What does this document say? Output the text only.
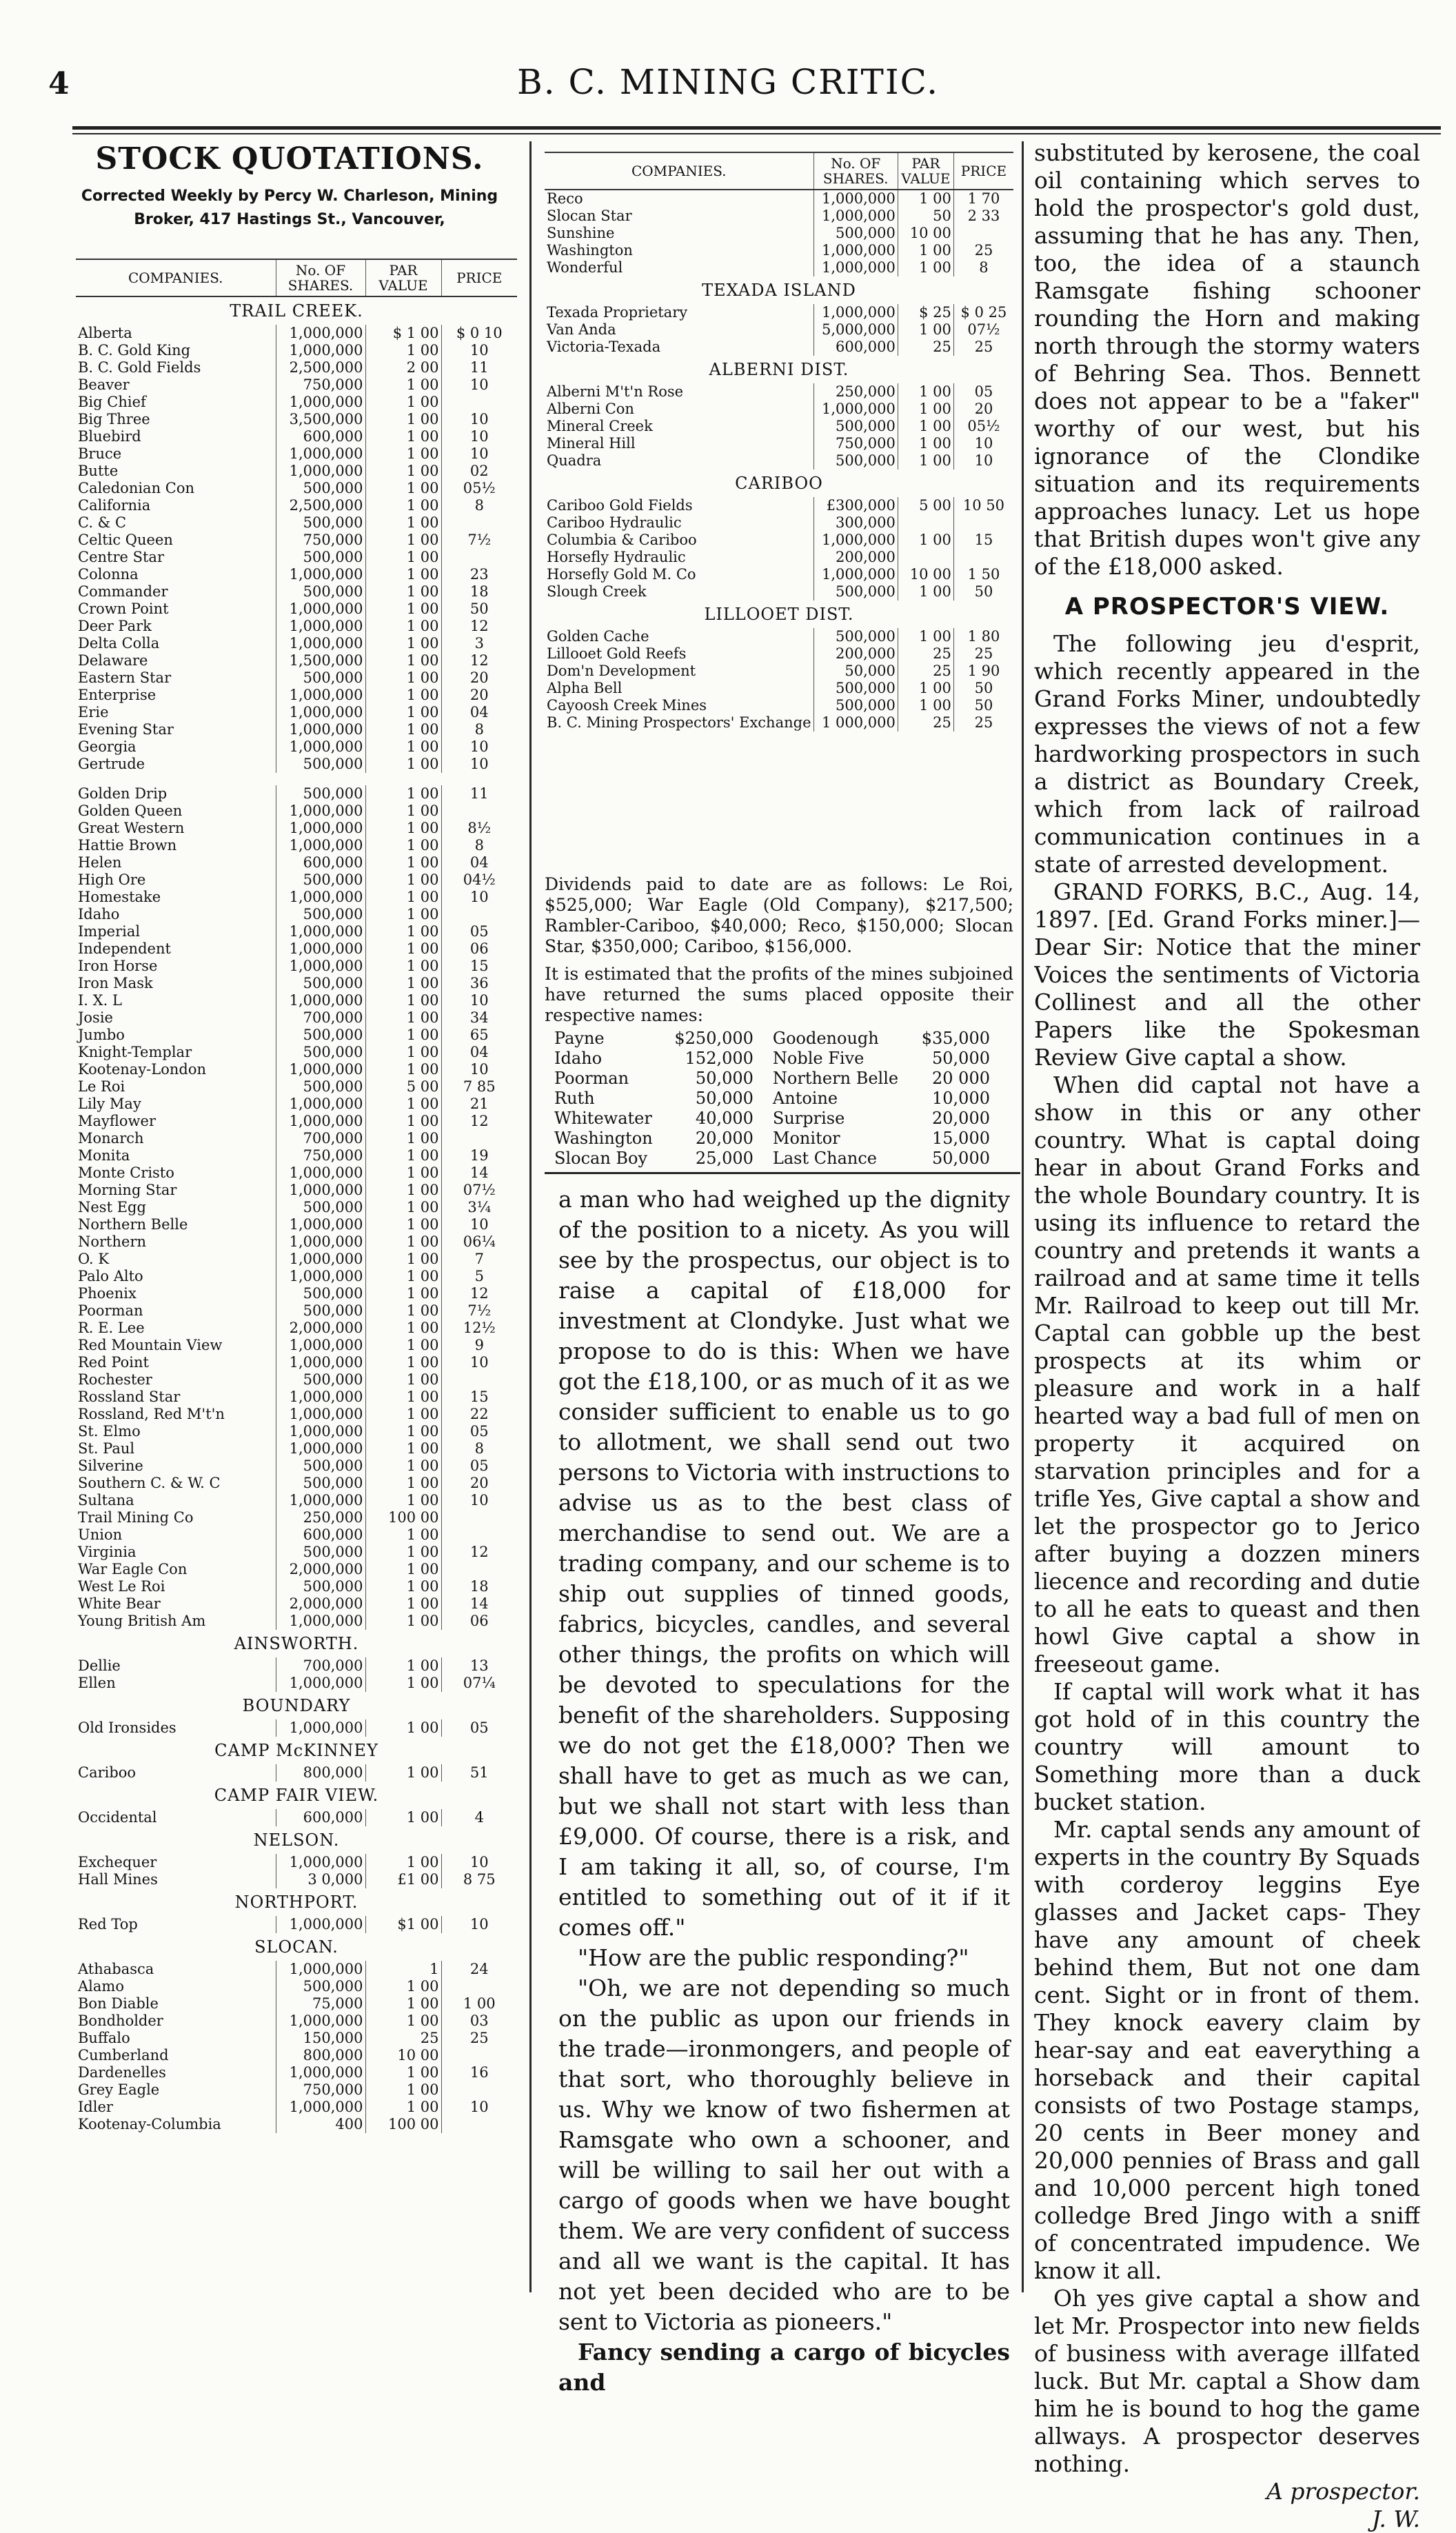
4	B. C. MINING CRITIC.
STOCK QUOTATIONS.
Corrected Weekly by Percy W. Charleson, Mining Broker, 417 Hastings St., Vancouver,
COMPANIES.	No. OF SHARES.	PAR VALUE	PRICE
TRAIL CREEK.			
Alberta	1,000,000	$ 1 00	$ 0 10
B. C. Gold King	1,000,000	1 00	10
B. C. Gold Fields	2,500,000	2 00	11
Beaver	750,000	1 00	10
Big Chief	1,000,000	1 00	
Big Three	3,500,000	1 00	10
Bluebird	600,000	1 00	10
Bruce	1,000,000	1 00	10
Butte	1,000,000	1 00	02
Caledonian Con	500,000	1 00	05½
California	2,500,000	1 00	8
C. & C	500,000	1 00	
Celtic Queen	750,000	1 00	7½
Centre Star	500,000	1 00	
Colonna	1,000,000	1 00	23
Commander	500,000	1 00	18
Crown Point	1,000,000	1 00	50
Deer Park	1,000,000	1 00	12
Delta Colla	1,000,000	1 00	3
Delaware	1,500,000	1 00	12
Eastern Star	500,000	1 00	20
Enterprise	1,000,000	1 00	20
Erie	1,000,000	1 00	04
Evening Star	1,000,000	1 00	8
Georgia	1,000,000	1 00	10
Gertrude	500,000	1 00	10

Golden Drip	500,000	1 00	11
Golden Queen	1,000,000	1 00	
Great Western	1,000,000	1 00	8½
Hattie Brown	1,000,000	1 00	8
Helen	600,000	1 00	04
High Ore	500,000	1 00	04½
Homestake	1,000,000	1 00	10
Idaho	500,000	1 00	
Imperial	1,000,000	1 00	05
Independent	1,000,000	1 00	06
Iron Horse	1,000,000	1 00	15
Iron Mask	500,000	1 00	36
I. X. L	1,000,000	1 00	10
Josie	700,000	1 00	34
Jumbo	500,000	1 00	65
Knight-Templar	500,000	1 00	04
Kootenay-London	1,000,000	1 00	10
Le Roi	500,000	5 00	7 85
Lily May	1,000,000	1 00	21
Mayflower	1,000,000	1 00	12
Monarch	700,000	1 00	
Monita	750,000	1 00	19
Monte Cristo	1,000,000	1 00	14
Morning Star	1,000,000	1 00	07½
Nest Egg	500,000	1 00	3¼
Northern Belle	1,000,000	1 00	10
Northern	1,000,000	1 00	06¼
O. K	1,000,000	1 00	7
Palo Alto	1,000,000	1 00	5
Phoenix	500,000	1 00	12
Poorman	500,000	1 00	7½
R. E. Lee	2,000,000	1 00	12½
Red Mountain View	1,000,000	1 00	9
Red Point	1,000,000	1 00	10
Rochester	500,000	1 00	
Rossland Star	1,000,000	1 00	15
Rossland, Red M't'n	1,000,000	1 00	22
St. Elmo	1,000,000	1 00	05
St. Paul	1,000,000	1 00	8
Silverine	500,000	1 00	05
Southern C. & W. C	500,000	1 00	20
Sultana	1,000,000	1 00	10
Trail Mining Co	250,000	100 00	
Union	600,000	1 00	
Virginia	500,000	1 00	12
War Eagle Con	2,000,000	1 00	
West Le Roi	500,000	1 00	18
White Bear	2,000,000	1 00	14
Young British Am	1,000,000	1 00	06
AINSWORTH.			
Dellie	700,000	1 00	13
Ellen	1,000,000	1 00	07¼
BOUNDARY			
Old Ironsides	1,000,000	1 00	05
CAMP McKINNEY			
Cariboo	800,000	1 00	51
CAMP FAIR VIEW.			
Occidental	600,000	1 00	4
NELSON.			
Exchequer	1,000,000	1 00	10
Hall Mines	3 0,000	£1 00	8 75
NORTHPORT.			
Red Top	1,000,000	$1 00	10
SLOCAN.			
Athabasca	1,000,000	1	24
Alamo	500,000	1 00	
Bon Diable	75,000	1 00	1 00
Bondholder	1,000,000	1 00	03
Buffalo	150,000	25	25
Cumberland	800,000	10 00	
Dardenelles	1,000,000	1 00	16
Grey Eagle	750,000	1 00	
Idler	1,000,000	1 00	10
Kootenay-Columbia	400	100 00	
COMPANIES.	No. OF SHARES.	PAR VALUE	PRICE
Reco	1,000,000	1 00	1 70
Slocan Star	1,000,000	50	2 33
Sunshine	500,000	10 00	
Washington	1,000,000	1 00	25
Wonderful	1,000,000	1 00	8
TEXADA ISLAND			
Texada Proprietary	1,000,000	$ 25	$ 0 25
Van Anda	5,000,000	1 00	07½
Victoria-Texada	600,000	25	25
ALBERNI DIST.			
Alberni M't'n Rose	250,000	1 00	05
Alberni Con	1,000,000	1 00	20
Mineral Creek	500,000	1 00	05½
Mineral Hill	750,000	1 00	10
Quadra	500,000	1 00	10
CARIBOO			
Cariboo Gold Fields	£300,000	5 00	10 50
Cariboo Hydraulic	300,000		
Columbia & Cariboo	1,000,000	1 00	15
Horsefly Hydraulic	200,000		
Horsefly Gold M. Co	1,000,000	10 00	1 50
Slough Creek	500,000	1 00	50
LILLOOET DIST.			
Golden Cache	500,000	1 00	1 80
Lillooet Gold Reefs	200,000	25	25
Dom'n Development	50,000	25	1 90
Alpha Bell	500,000	1 00	50
Cayoosh Creek Mines	500,000	1 00	50
B. C. Mining Prospectors' Exchange	1 000,000	25	25
Dividends paid to date are as follows: Le Roi, $525,000; War Eagle (Old Company), $217,500; Rambler-Cariboo, $40,000; Reco, $150,000; Slocan Star, $350,000; Cariboo, $156,000.
It is estimated that the profits of the mines subjoined have returned the sums placed opposite their respective names:
Payne	$250,000	Goodenough	$35,000
Idaho	152,000	Noble Five	50,000
Poorman	50,000	Northern Belle	20 000
Ruth	50,000	Antoine	10,000
Whitewater	40,000	Surprise	20,000
Washington	20,000	Monitor	15,000
Slocan Boy	25,000	Last Chance	50,000

a man who had weighed up the dignity of the position to a nicety. As you will see by the prospectus, our object is to raise a capital of £18,000 for investment at Clondyke. Just what we propose to do is this: When we have got the £18,100, or as much of it as we consider sufficient to enable us to go to allotment, we shall send out two persons to Victoria with instructions to advise us as to the best class of merchandise to send out. We are a trading company, and our scheme is to ship out supplies of tinned goods, fabrics, bicycles, candles, and several other things, the profits on which will be devoted to speculations for the benefit of the shareholders. Supposing we do not get the £18,000? Then we shall have to get as much as we can, but we shall not start with less than £9,000. Of course, there is a risk, and I am taking it all, so, of course, I'm entitled to something out of it if it comes off."

"How are the public responding?"

"Oh, we are not depending so much on the public as upon our friends in the trade—ironmongers, and people of that sort, who thoroughly believe in us. Why we know of two fishermen at Ramsgate who own a schooner, and will be willing to sail her out with a cargo of goods when we have bought them. We are very confident of success and all we want is the capital. It has not yet been decided who are to be sent to Victoria as pioneers."

Fancy sending a cargo of bicycles and

substituted by kerosene, the coal oil containing which serves to hold the prospector's gold dust, assuming that he has any. Then, too, the idea of a staunch Ramsgate fishing schooner rounding the Horn and making north through the stormy waters of Behring Sea. Thos. Bennett does not appear to be a "faker" worthy of our west, but his ignorance of the Clondike situation and its requirements approaches lunacy. Let us hope that British dupes won't give any of the £18,000 asked.

A PROSPECTOR'S VIEW.

The following jeu d'esprit, which recently appeared in the Grand Forks Miner, undoubtedly expresses the views of not a few hardworking prospectors in such a district as Boundary Creek, which from lack of railroad communication continues in a state of arrested development.

GRAND FORKS, B.C., Aug. 14, 1897. [Ed. Grand Forks miner.]—Dear Sir: Notice that the miner Voices the sentiments of Victoria Collinest and all the other Papers like the Spokesman Review Give captal a show.

When did captal not have a show in this or any other country. What is captal doing hear in about Grand Forks and the whole Boundary country. It is using its influence to retard the country and pretends it wants a railroad and at same time it tells Mr. Railroad to keep out till Mr. Captal can gobble up the best prospects at its whim or pleasure and work in a half hearted way a bad full of men on property it acquired on starvation principles and for a trifle Yes, Give captal a show and let the prospector go to Jerico after buying a dozzen miners liecence and recording and dutie to all he eats to queast and then howl Give captal a show in freeseout game.

If captal will work what it has got hold of in this country the country will amount to Something more than a duck bucket station.

Mr. captal sends any amount of experts in the country By Squads with corderoy leggins Eye glasses and Jacket caps- They have any amount of cheek behind them, But not one dam cent. Sight or in front of them. They knock eavery claim by hear-say and eat eaverything a horseback and their capital consists of two Postage stamps, 20 cents in Beer money and 20,000 pennies of Brass and gall and 10,000 percent high toned colledge Bred Jingo with a sniff of concentrated impudence. We know it all.

Oh yes give captal a show and let Mr. Prospector into new fields of business with average illfated luck. But Mr. captal a Show dam him he is bound to hog the game allways. A prospector deserves nothing.

A prospector.
J. W.
